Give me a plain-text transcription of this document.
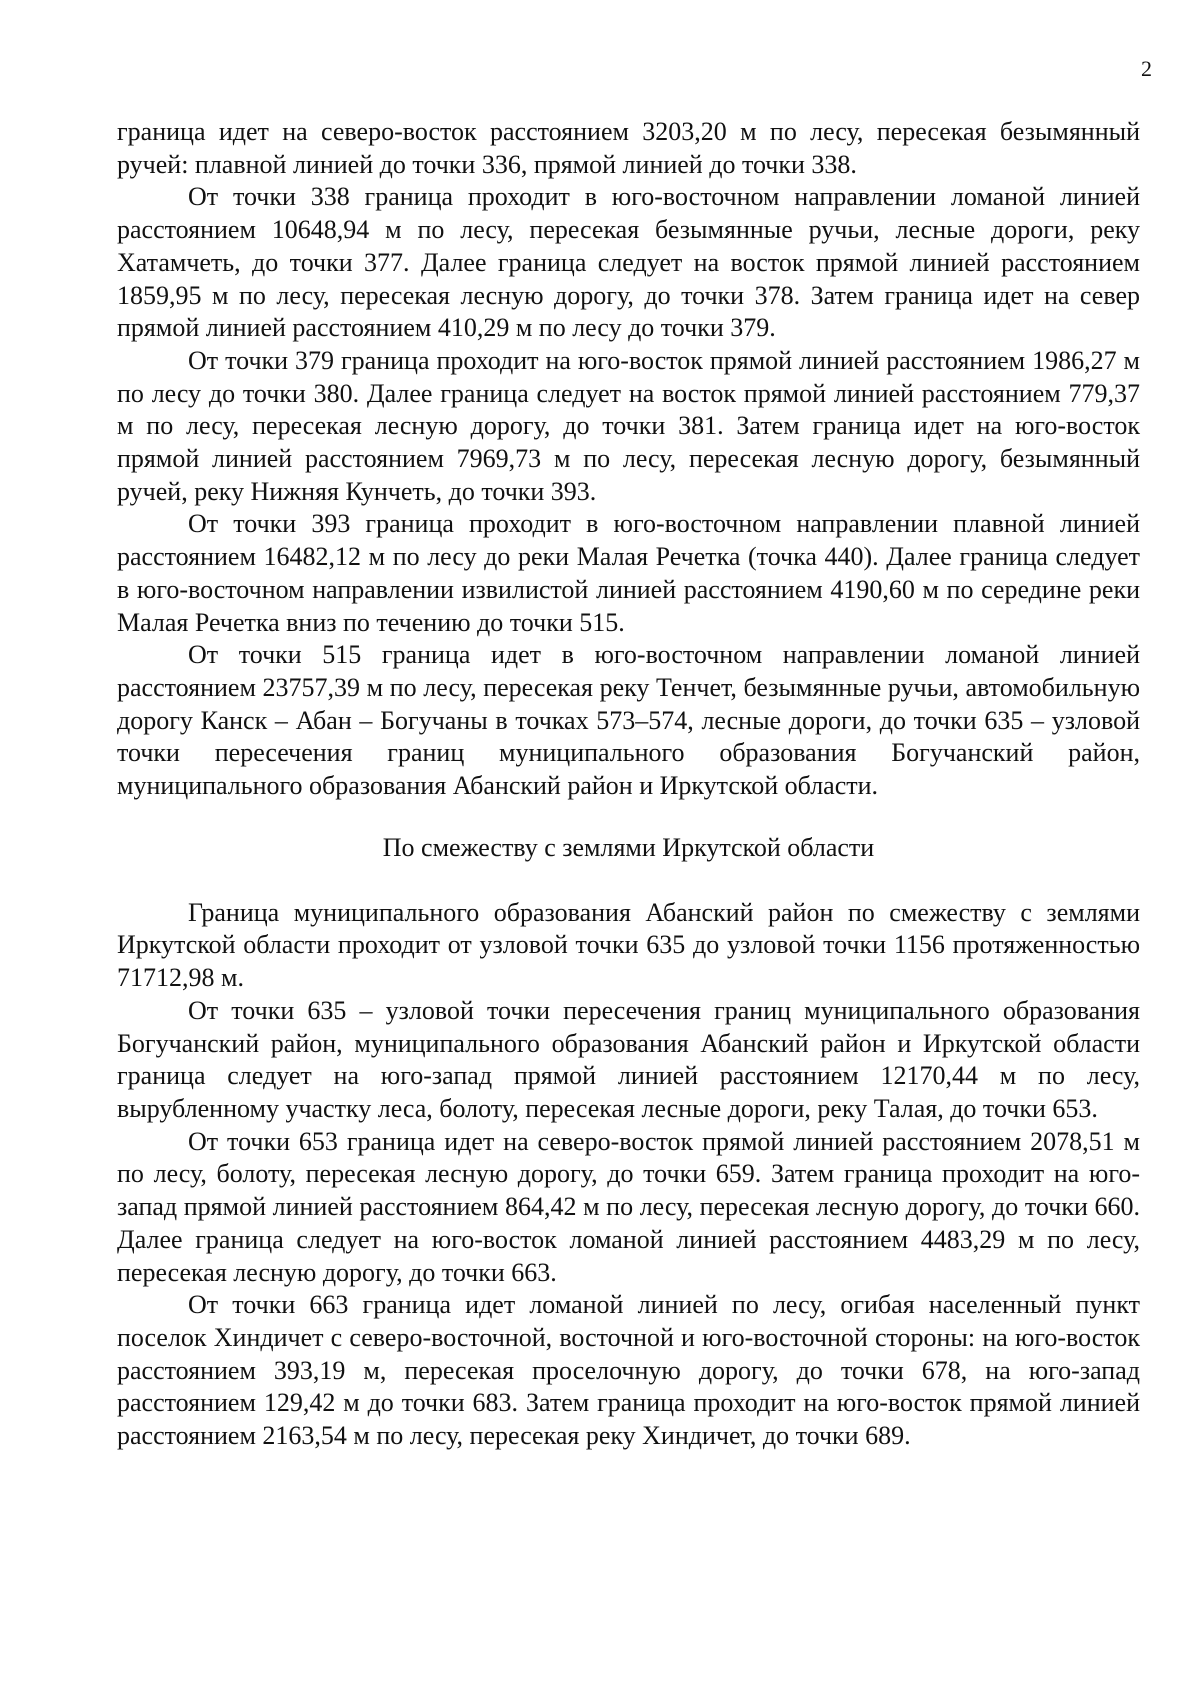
2

граница идет на северо-восток расстоянием 3203,20 м по лесу, пересекая безымянный ручей: плавной линией до точки 336, прямой линией до точки 338.

От точки 338 граница проходит в юго-восточном направлении ломаной линией расстоянием 10648,94 м по лесу, пересекая безымянные ручьи, лесные дороги, реку Хатамчеть, до точки 377. Далее граница следует на восток прямой линией расстоянием 1859,95 м по лесу, пересекая лесную дорогу, до точки 378. Затем граница идет на север прямой линией расстоянием 410,29 м по лесу до точки 379.

От точки 379 граница проходит на юго-восток прямой линией расстоянием 1986,27 м по лесу до точки 380. Далее граница следует на восток прямой линией расстоянием 779,37 м по лесу, пересекая лесную дорогу, до точки 381. Затем граница идет на юго-восток прямой линией расстоянием 7969,73 м по лесу, пересекая лесную дорогу, безымянный ручей, реку Нижняя Кунчеть, до точки 393.

От точки 393 граница проходит в юго-восточном направлении плавной линией расстоянием 16482,12 м по лесу до реки Малая Речетка (точка 440). Далее граница следует в юго-восточном направлении извилистой линией расстоянием 4190,60 м по середине реки Малая Речетка вниз по течению до точки 515.

От точки 515 граница идет в юго-восточном направлении ломаной линией расстоянием 23757,39 м по лесу, пересекая реку Тенчет, безымянные ручьи, автомобильную дорогу Канск – Абан – Богучаны в точках 573–574, лесные дороги, до точки 635 – узловой точки пересечения границ муниципального образования Богучанский район, муниципального образования Абанский район и Иркутской области.

По смежеству с землями Иркутской области

Граница муниципального образования Абанский район по смежеству с землями Иркутской области проходит от узловой точки 635 до узловой точки 1156 протяженностью 71712,98 м.

От точки 635 – узловой точки пересечения границ муниципального образования Богучанский район, муниципального образования Абанский район и Иркутской области граница следует на юго-запад прямой линией расстоянием 12170,44 м по лесу, вырубленному участку леса, болоту, пересекая лесные дороги, реку Талая, до точки 653.

От точки 653 граница идет на северо-восток прямой линией расстоянием 2078,51 м по лесу, болоту, пересекая лесную дорогу, до точки 659. Затем граница проходит на юго-запад прямой линией расстоянием 864,42 м по лесу, пересекая лесную дорогу, до точки 660. Далее граница следует на юго-восток ломаной линией расстоянием 4483,29 м по лесу, пересекая лесную дорогу, до точки 663.

От точки 663 граница идет ломаной линией по лесу, огибая населенный пункт поселок Хиндичет с северо-восточной, восточной и юго-восточной стороны: на юго-восток расстоянием 393,19 м, пересекая проселочную дорогу, до точки 678, на юго-запад расстоянием 129,42 м до точки 683. Затем граница проходит на юго-восток прямой линией расстоянием 2163,54 м по лесу, пересекая реку Хиндичет, до точки 689.
